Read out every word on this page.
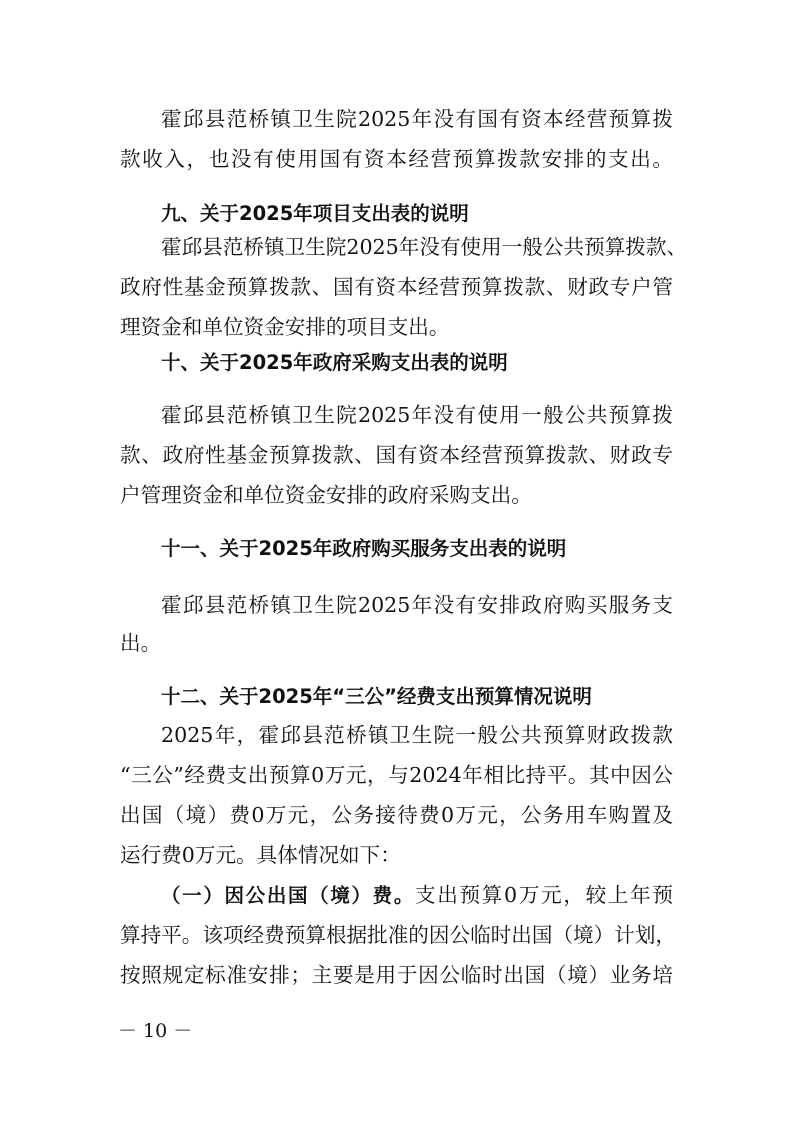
霍邱县范桥镇卫生院2025年没有国有资本经营预算拨

款收入，也没有使用国有资本经营预算拨款安排的支出。

九、关于2025年项目支出表的说明

霍邱县范桥镇卫生院2025年没有使用一般公共预算拨款、

政府性基金预算拨款、国有资本经营预算拨款、财政专户管

理资金和单位资金安排的项目支出。

十、关于2025年政府采购支出表的说明

霍邱县范桥镇卫生院2025年没有使用一般公共预算拨

款、政府性基金预算拨款、国有资本经营预算拨款、财政专

户管理资金和单位资金安排的政府采购支出。

十一、关于2025年政府购买服务支出表的说明

霍邱县范桥镇卫生院2025年没有安排政府购买服务支

出。

十二、关于2025年“三公”经费支出预算情况说明

2025年，霍邱县范桥镇卫生院一般公共预算财政拨款

“三公”经费支出预算0万元，与2024年相比持平。其中因公

出国（境）费0万元，公务接待费0万元，公务用车购置及

运行费0万元。具体情况如下：

（一）因公出国（境）费。支出预算0万元，较上年预

算持平。该项经费预算根据批准的因公临时出国（境）计划，

按照规定标准安排；主要是用于因公临时出国（境）业务培

－ 10 －
